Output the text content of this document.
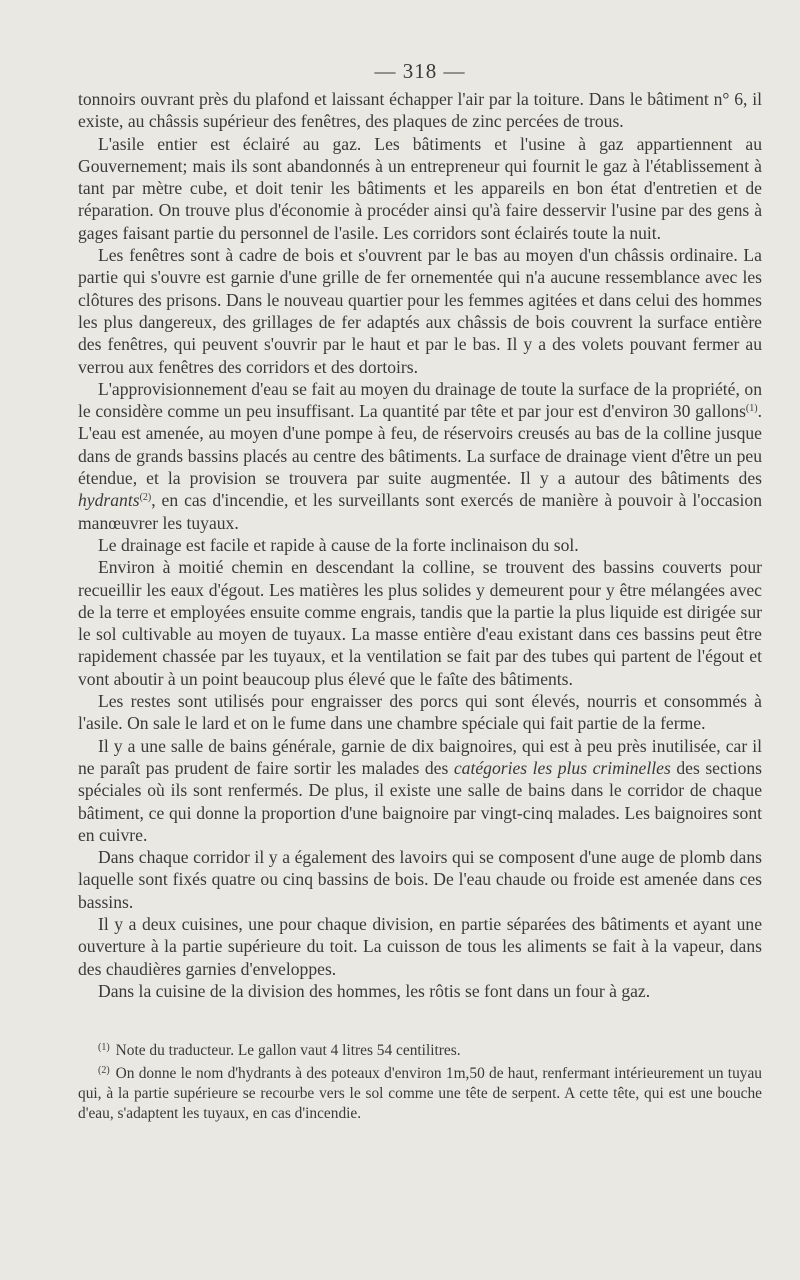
— 318 —

tonnoirs ouvrant près du plafond et laissant échapper l'air par la toiture. Dans le bâtiment n° 6, il existe, au châssis supérieur des fenêtres, des plaques de zinc percées de trous.

L'asile entier est éclairé au gaz. Les bâtiments et l'usine à gaz appartiennent au Gouvernement; mais ils sont abandonnés à un entrepreneur qui fournit le gaz à l'établissement à tant par mètre cube, et doit tenir les bâtiments et les appareils en bon état d'entretien et de réparation. On trouve plus d'économie à procéder ainsi qu'à faire desservir l'usine par des gens à gages faisant partie du personnel de l'asile. Les corridors sont éclairés toute la nuit.

Les fenêtres sont à cadre de bois et s'ouvrent par le bas au moyen d'un châssis ordinaire. La partie qui s'ouvre est garnie d'une grille de fer ornementée qui n'a aucune ressemblance avec les clôtures des prisons. Dans le nouveau quartier pour les femmes agitées et dans celui des hommes les plus dangereux, des grillages de fer adaptés aux châssis de bois couvrent la surface entière des fenêtres, qui peuvent s'ouvrir par le haut et par le bas. Il y a des volets pouvant fermer au verrou aux fenêtres des corridors et des dortoirs.

L'approvisionnement d'eau se fait au moyen du drainage de toute la surface de la propriété, on le considère comme un peu insuffisant. La quantité par tête et par jour est d'environ 30 gallons$^{(1)}$. L'eau est amenée, au moyen d'une pompe à feu, de réservoirs creusés au bas de la colline jusque dans de grands bassins placés au centre des bâtiments. La surface de drainage vient d'être un peu étendue, et la provision se trouvera par suite augmentée. Il y a autour des bâtiments des hydrants$^{(2)}$, en cas d'incendie, et les surveillants sont exercés de manière à pouvoir à l'occasion manœuvrer les tuyaux.

Le drainage est facile et rapide à cause de la forte inclinaison du sol.

Environ à moitié chemin en descendant la colline, se trouvent des bassins couverts pour recueillir les eaux d'égout. Les matières les plus solides y demeurent pour y être mélangées avec de la terre et employées ensuite comme engrais, tandis que la partie la plus liquide est dirigée sur le sol cultivable au moyen de tuyaux. La masse entière d'eau existant dans ces bassins peut être rapidement chassée par les tuyaux, et la ventilation se fait par des tubes qui partent de l'égout et vont aboutir à un point beaucoup plus élevé que le faîte des bâtiments.

Les restes sont utilisés pour engraisser des porcs qui sont élevés, nourris et consommés à l'asile. On sale le lard et on le fume dans une chambre spéciale qui fait partie de la ferme.

Il y a une salle de bains générale, garnie de dix baignoires, qui est à peu près inutilisée, car il ne paraît pas prudent de faire sortir les malades des catégories les plus criminelles des sections spéciales où ils sont renfermés. De plus, il existe une salle de bains dans le corridor de chaque bâtiment, ce qui donne la proportion d'une baignoire par vingt-cinq malades. Les baignoires sont en cuivre.

Dans chaque corridor il y a également des lavoirs qui se composent d'une auge de plomb dans laquelle sont fixés quatre ou cinq bassins de bois. De l'eau chaude ou froide est amenée dans ces bassins.

Il y a deux cuisines, une pour chaque division, en partie séparées des bâtiments et ayant une ouverture à la partie supérieure du toit. La cuisson de tous les aliments se fait à la vapeur, dans des chaudières garnies d'enveloppes.

Dans la cuisine de la division des hommes, les rôtis se font dans un four à gaz.

$^{(1)}$ Note du traducteur. Le gallon vaut 4 litres 54 centilitres.

$^{(2)}$ On donne le nom d'hydrants à des poteaux d'environ 1m,50 de haut, renfermant intérieurement un tuyau qui, à la partie supérieure se recourbe vers le sol comme une tête de serpent. A cette tête, qui est une bouche d'eau, s'adaptent les tuyaux, en cas d'incendie.
